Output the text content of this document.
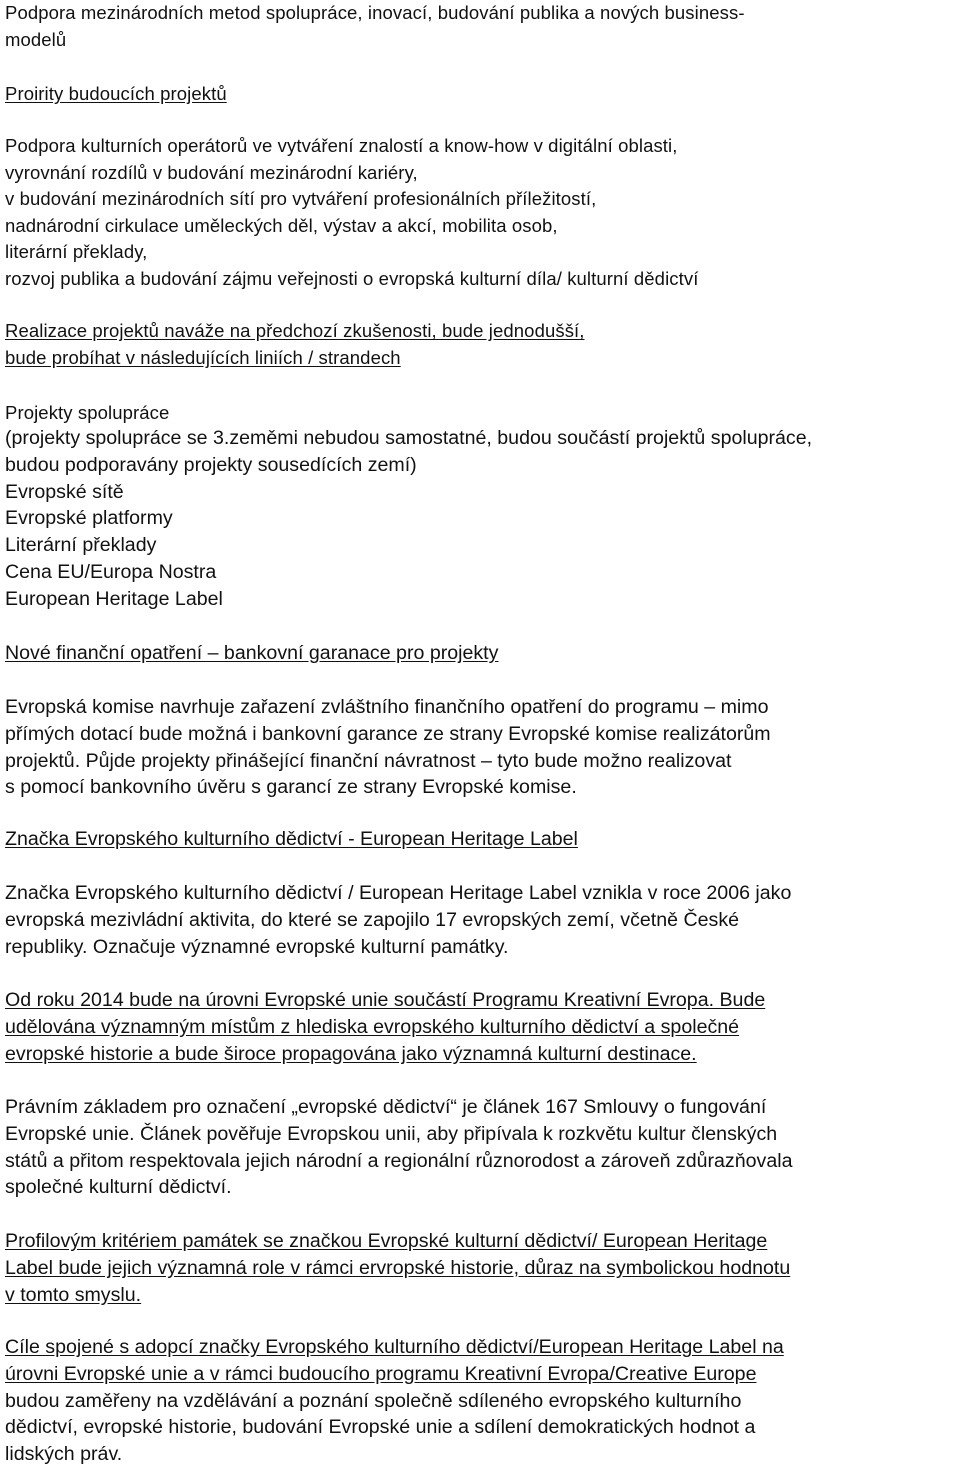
Podpora mezinárodních metod spolupráce, inovací, budování publika a nových business-
modelů
Proirity budoucích projektů
Podpora kulturních operátorů ve vytváření znalostí a know-how v digitální oblasti,
vyrovnání rozdílů v budování mezinárodní kariéry,
v budování mezinárodních sítí pro vytváření profesionálních příležitostí,
nadnárodní cirkulace uměleckých děl, výstav a akcí, mobilita osob,
literární překlady,
rozvoj publika a budování zájmu veřejnosti o evropská kulturní díla/ kulturní dědictví
Realizace projektů naváže na předchozí zkušenosti, bude jednodušší,
bude probíhat v následujících liniích / strandech
Projekty spolupráce
(projekty spolupráce se 3.zeměmi nebudou samostatné, budou součástí projektů spolupráce,
budou podporavány projekty sousedících zemí)
Evropské sítě
Evropské platformy
Literární překlady
Cena EU/Europa Nostra
European Heritage Label
Nové finanční opatření – bankovní garanace pro projekty
Evropská komise navrhuje zařazení zvláštního finančního opatření do programu – mimo
přímých dotací bude možná i bankovní garance ze strany Evropské komise realizátorům
projektů. Půjde projekty přinášející finanční návratnost – tyto bude možno realizovat
s pomocí bankovního úvěru s garancí ze strany Evropské komise.
Značka Evropského kulturního dědictví - European Heritage Label
Značka Evropského kulturního dědictví / European Heritage Label vznikla v roce 2006 jako
evropská mezivládní aktivita, do které se zapojilo 17 evropských zemí, včetně České
republiky. Označuje významné evropské kulturní památky.
Od roku 2014 bude na úrovni Evropské unie součástí Programu Kreativní Evropa. Bude
udělována významným místům z hlediska evropského kulturního dědictví a společné
evropské historie a bude široce propagována jako významná kulturní destinace.
Právním základem pro označení „evropské dědictví“ je článek 167 Smlouvy o fungování
Evropské unie. Článek pověřuje Evropskou unii, aby připívala k rozkvětu kultur členských
států a přitom respektovala jejich národní a regionální různorodost a zároveň zdůrazňovala
společné kulturní dědictví.
Profilovým kritériem památek se značkou Evropské kulturní dědictví/ European Heritage
Label bude jejich významná role v rámci ervropské historie, důraz na symbolickou hodnotu
v tomto smyslu.
Cíle spojené s adopcí značky Evropského kulturního dědictví/European Heritage Label na
úrovni Evropské unie a v rámci budoucího programu Kreativní Evropa/Creative Europe
budou zaměřeny na vzdělávání a poznání společně sdíleného evropského kulturního
dědictví, evropské historie, budování Evropské unie a sdílení demokratických hodnot a
lidských práv.
